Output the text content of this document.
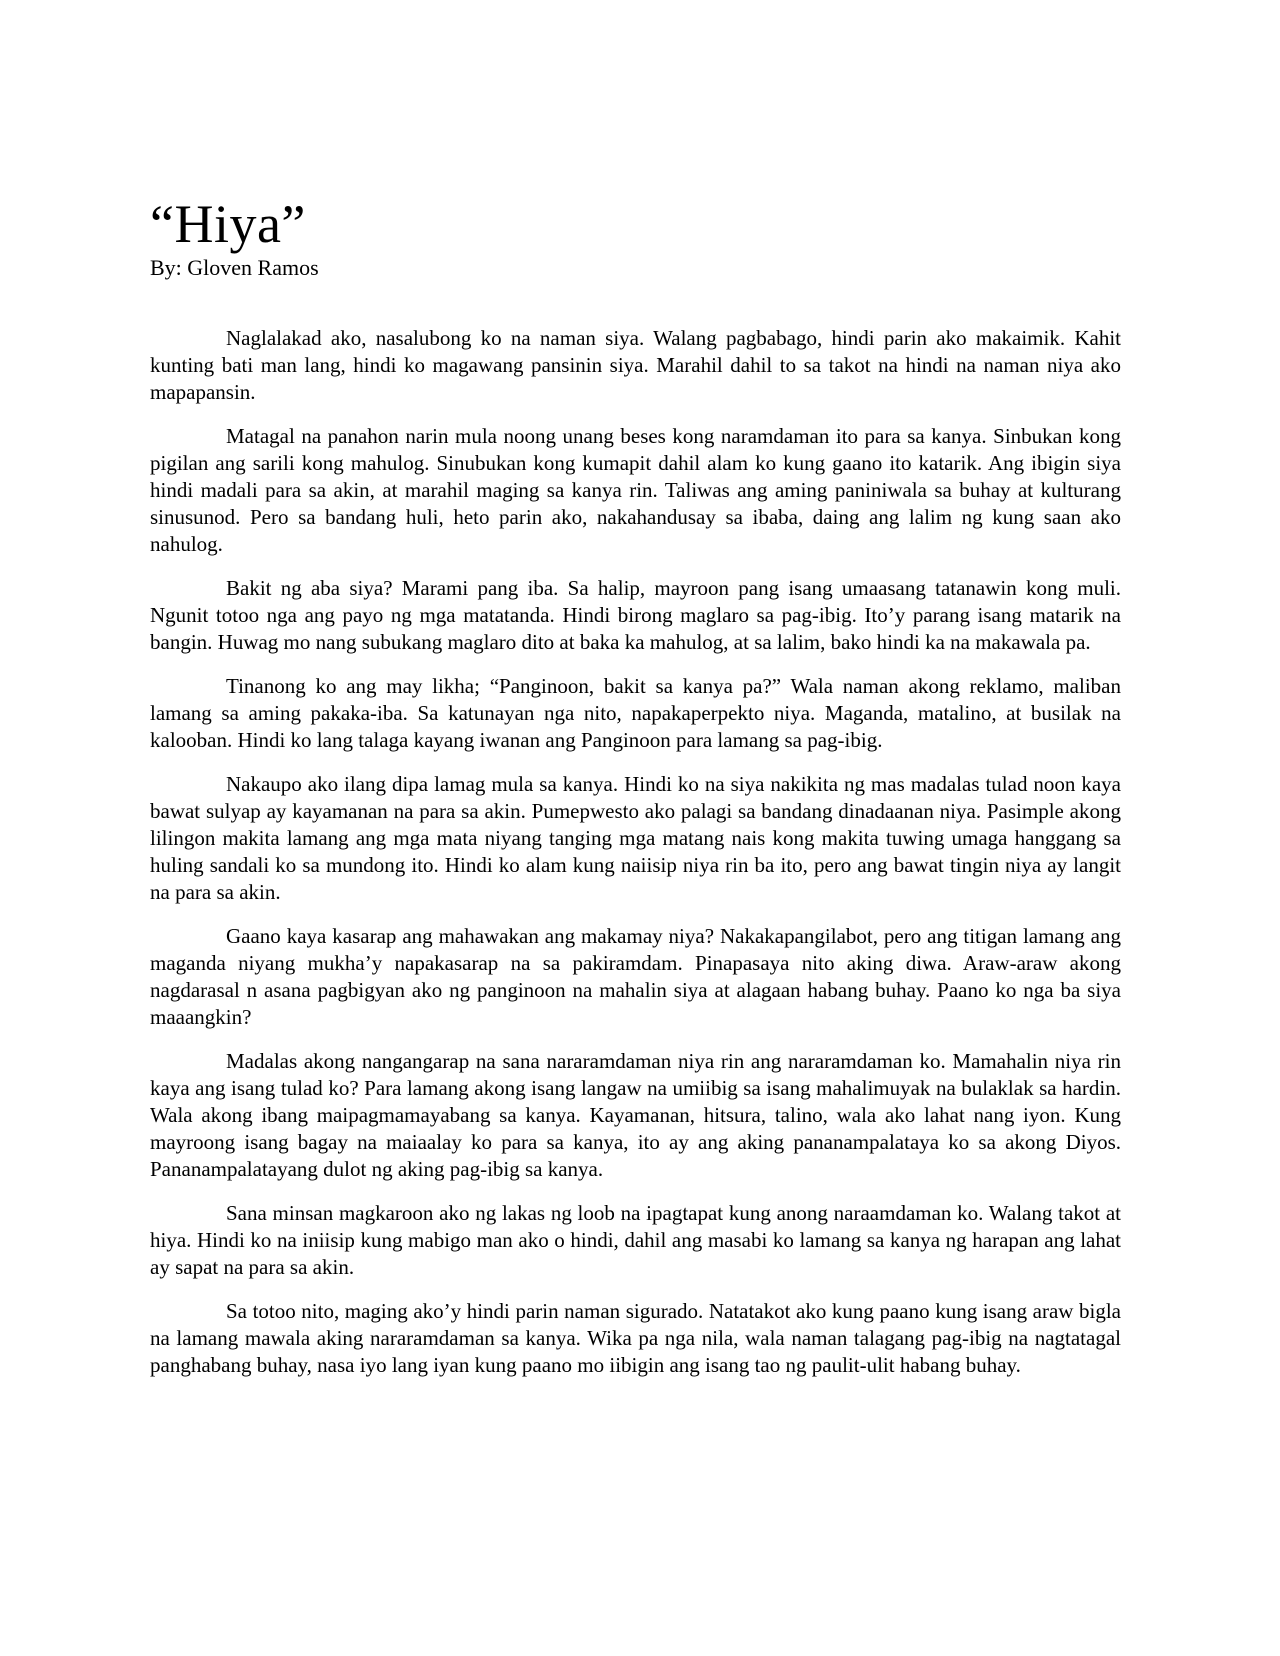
“Hiya”
By: Gloven Ramos

Naglalakad ako, nasalubong ko na naman siya. Walang pagbabago, hindi parin ako makaimik. Kahit kunting bati man lang, hindi ko magawang pansinin siya. Marahil dahil to sa takot na hindi na naman niya ako mapapansin.

Matagal na panahon narin mula noong unang beses kong naramdaman ito para sa kanya. Sinbukan kong pigilan ang sarili kong mahulog. Sinubukan kong kumapit dahil alam ko kung gaano ito katarik. Ang ibigin siya hindi madali para sa akin, at marahil maging sa kanya rin. Taliwas ang aming paniniwala sa buhay at kulturang sinusunod. Pero sa bandang huli, heto parin ako, nakahandusay sa ibaba, daing ang lalim ng kung saan ako nahulog.

Bakit ng aba siya? Marami pang iba. Sa halip, mayroon pang isang umaasang tatanawin kong muli. Ngunit totoo nga ang payo ng mga matatanda. Hindi birong maglaro sa pag-ibig. Ito’y parang isang matarik na bangin. Huwag mo nang subukang maglaro dito at baka ka mahulog, at sa lalim, bako hindi ka na makawala pa.

Tinanong ko ang may likha; “Panginoon, bakit sa kanya pa?” Wala naman akong reklamo, maliban lamang sa aming pakaka-iba. Sa katunayan nga nito, napakaperpekto niya. Maganda, matalino, at busilak na kalooban. Hindi ko lang talaga kayang iwanan ang Panginoon para lamang sa pag-ibig.

Nakaupo ako ilang dipa lamag mula sa kanya. Hindi ko na siya nakikita ng mas madalas tulad noon kaya bawat sulyap ay kayamanan na para sa akin. Pumepwesto ako palagi sa bandang dinadaanan niya. Pasimple akong lilingon makita lamang ang mga mata niyang tanging mga matang nais kong makita tuwing umaga hanggang sa huling sandali ko sa mundong ito. Hindi ko alam kung naiisip niya rin ba ito, pero ang bawat tingin niya ay langit na para sa akin.

Gaano kaya kasarap ang mahawakan ang makamay niya? Nakakapangilabot, pero ang titigan lamang ang maganda niyang mukha’y napakasarap na sa pakiramdam. Pinapasaya nito aking diwa. Araw-araw akong nagdarasal n asana pagbigyan ako ng panginoon na mahalin siya at alagaan habang buhay. Paano ko nga ba siya maaangkin?

Madalas akong nangangarap na sana nararamdaman niya rin ang nararamdaman ko. Mamahalin niya rin kaya ang isang tulad ko? Para lamang akong isang langaw na umiibig sa isang mahalimuyak na bulaklak sa hardin. Wala akong ibang maipagmamayabang sa kanya. Kayamanan, hitsura, talino, wala ako lahat nang iyon. Kung mayroong isang bagay na maiaalay ko para sa kanya, ito ay ang aking pananampalataya ko sa akong Diyos. Pananampalatayang dulot ng aking pag-ibig sa kanya.

Sana minsan magkaroon ako ng lakas ng loob na ipagtapat kung anong naraamdaman ko. Walang takot at hiya. Hindi ko na iniisip kung mabigo man ako o hindi, dahil ang masabi ko lamang sa kanya ng harapan ang lahat ay sapat na para sa akin.

Sa totoo nito, maging ako’y hindi parin naman sigurado. Natatakot ako kung paano kung isang araw bigla na lamang mawala aking nararamdaman sa kanya. Wika pa nga nila, wala naman talagang pag-ibig na nagtatagal panghabang buhay, nasa iyo lang iyan kung paano mo iibigin ang isang tao ng paulit-ulit habang buhay.
